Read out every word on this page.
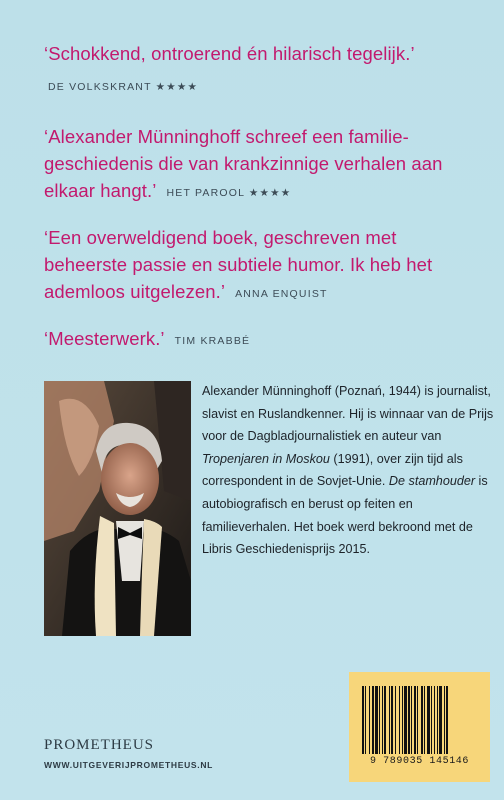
‘Schokkend, ontroerend én hilarisch tegelijk.’
DE VOLKSKRANT ★★★★
‘Alexander Münninghoff schreef een familiegeschiedenis die van krankzinnige verhalen aan elkaar hangt.’ HET PAROOL ★★★★
‘Een overweldigend boek, geschreven met beheerste passie en subtiele humor. Ik heb het ademloos uitgelezen.’ ANNA ENQUIST
‘Meesterwerk.’ TIM KRABBÉ

Alexander Münninghoff (Poznań, 1944) is journalist, slavist en Ruslandkenner. Hij is winnaar van de Prijs voor de Dagbladjournalistiek en auteur van Tropenjaren in Moskou (1991), over zijn tijd als correspondent in de Sovjet-Unie. De stamhouder is autobiografisch en berust op feiten en familieverhalen. Het boek werd bekroond met de Libris Geschiedenisprijs 2015.

PROMETHEUS
WWW.UITGEVERIJPROMETHEUS.NL	9 789035 145146
